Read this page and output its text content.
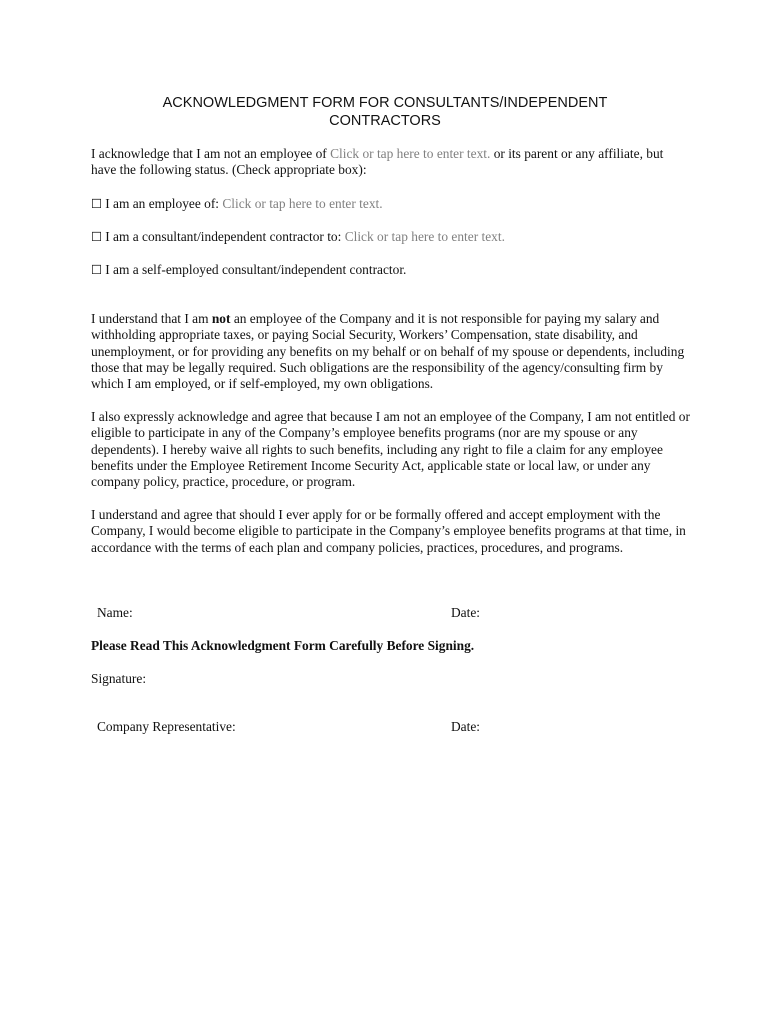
ACKNOWLEDGMENT FORM FOR CONSULTANTS/INDEPENDENT
CONTRACTORS

I acknowledge that I am not an employee of Click or tap here to enter text. or its parent or any affiliate, but have the following status. (Check appropriate box):

☐ I am an employee of: Click or tap here to enter text.

☐ I am a consultant/independent contractor to: Click or tap here to enter text.

☐ I am a self-employed consultant/independent contractor.

I understand that I am not an employee of the Company and it is not responsible for paying my salary and withholding appropriate taxes, or paying Social Security, Workers’ Compensation, state disability, and unemployment, or for providing any benefits on my behalf or on behalf of my spouse or dependents, including those that may be legally required. Such obligations are the responsibility of the agency/consulting firm by which I am employed, or if self-employed, my own obligations.

I also expressly acknowledge and agree that because I am not an employee of the Company, I am not entitled or eligible to participate in any of the Company’s employee benefits programs (nor are my spouse or any dependents). I hereby waive all rights to such benefits, including any right to file a claim for any employee benefits under the Employee Retirement Income Security Act, applicable state or local law, or under any company policy, practice, procedure, or program.

I understand and agree that should I ever apply for or be formally offered and accept employment with the Company, I would become eligible to participate in the Company’s employee benefits programs at that time, in accordance with the terms of each plan and company policies, practices, procedures, and programs.

Name:	Date:
Please Read This Acknowledgment Form Carefully Before Signing.
Signature:
Company Representative:	Date:
